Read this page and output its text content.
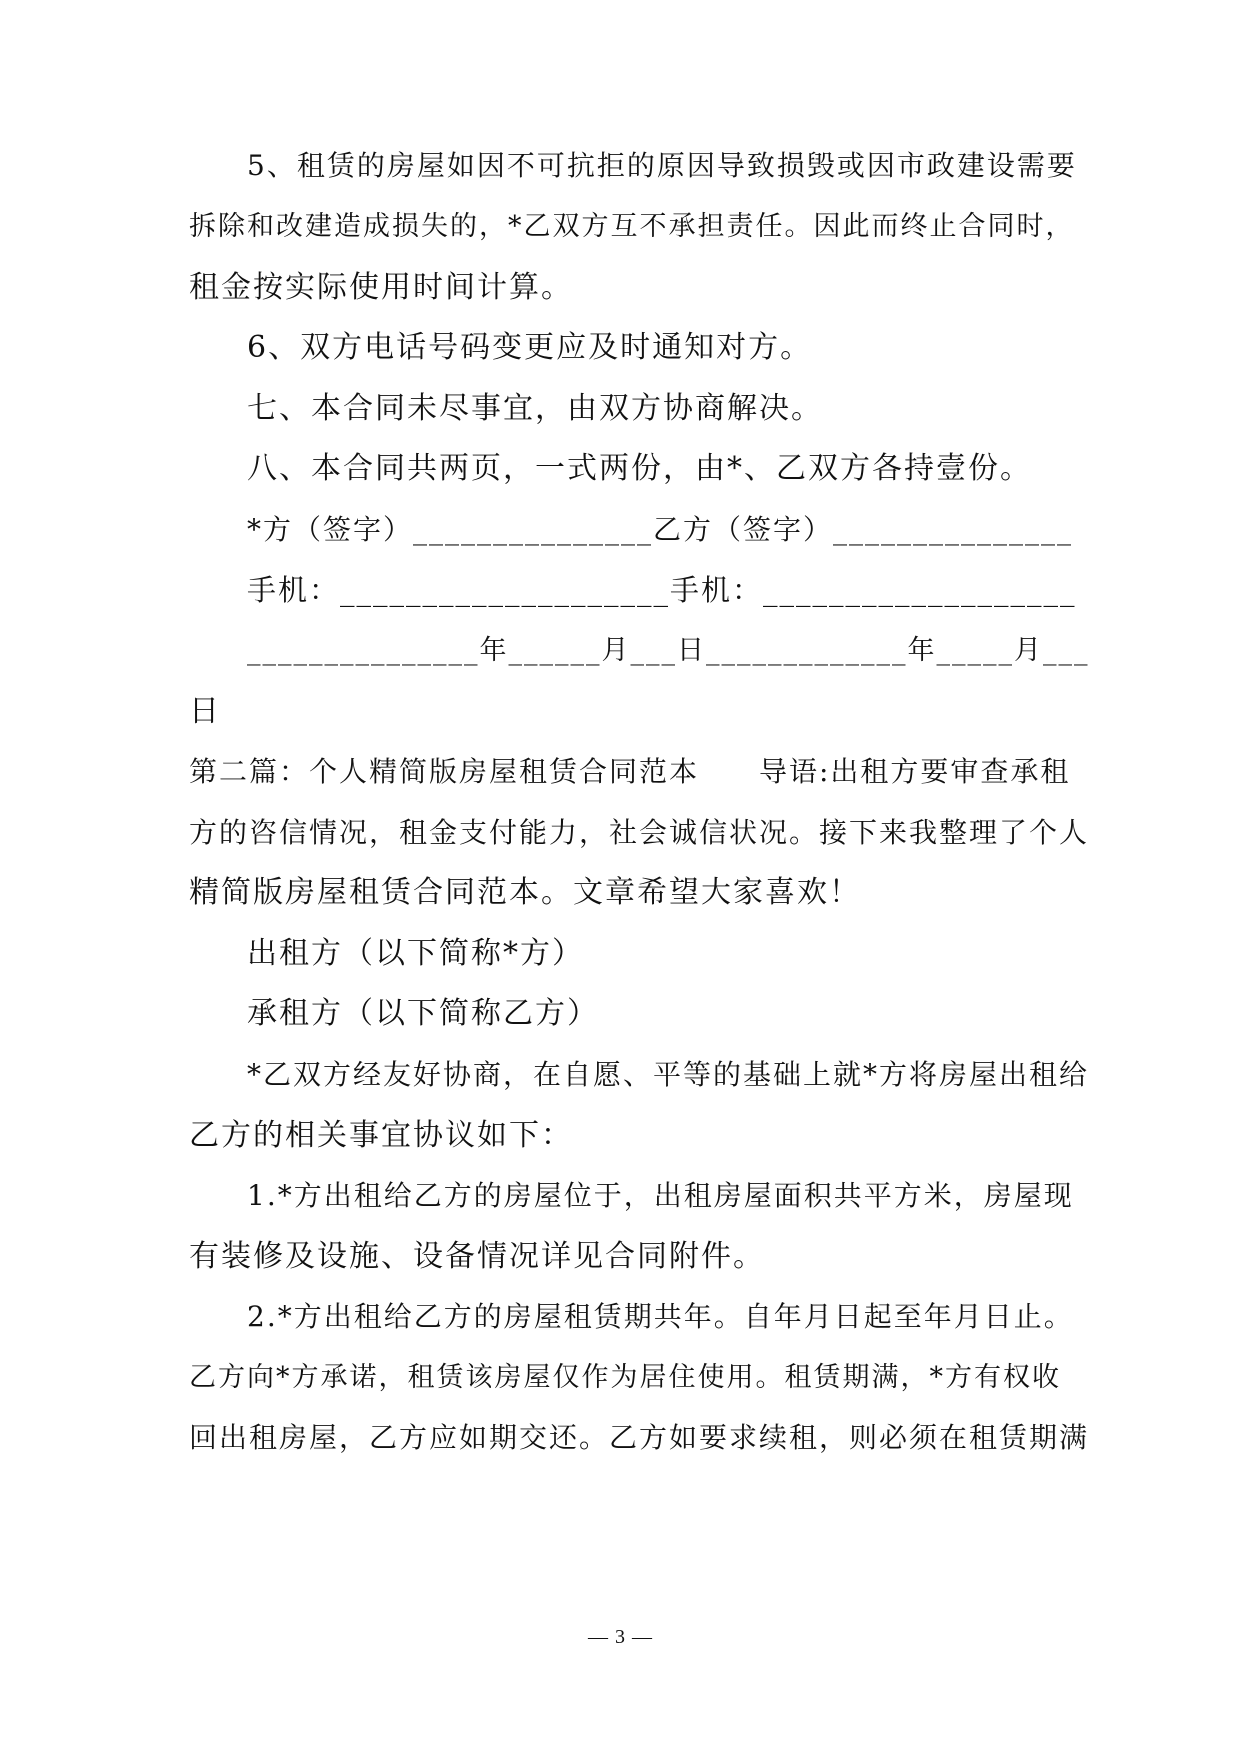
5、租赁的房屋如因不可抗拒的原因导致损毁或因市政建设需要
拆除和改建造成损失的，*乙双方互不承担责任。因此而终止合同时，
租金按实际使用时间计算。
6、双方电话号码变更应及时通知对方。
七、本合同未尽事宜，由双方协商解决。
八、本合同共两页，一式两份，由*、乙双方各持壹份。
*方（签字）_______________乙方（签字）_______________
手机：____________________手机：___________________
_______________年______月___日_____________年_____月___
日
第二篇：个人精简版房屋租赁合同范本　　导语:出租方要审查承租
方的咨信情况，租金支付能力，社会诚信状况。接下来我整理了个人
精简版房屋租赁合同范本。文章希望大家喜欢！
出租方（以下简称*方）
承租方（以下简称乙方）
*乙双方经友好协商，在自愿、平等的基础上就*方将房屋出租给
乙方的相关事宜协议如下：
1.*方出租给乙方的房屋位于，出租房屋面积共平方米，房屋现
有装修及设施、设备情况详见合同附件。
2.*方出租给乙方的房屋租赁期共年。自年月日起至年月日止。
乙方向*方承诺，租赁该房屋仅作为居住使用。租赁期满，*方有权收
回出租房屋，乙方应如期交还。乙方如要求续租，则必须在租赁期满
— 3 —
